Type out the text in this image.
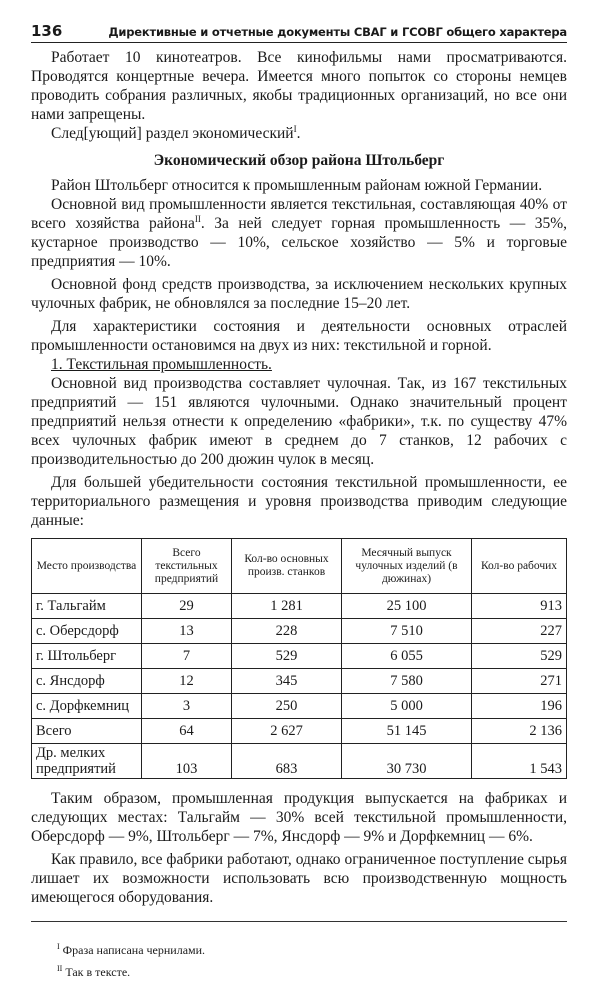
136	Директивные и отчетные документы СВАГ и ГСОВГ общего характера

Работает 10 кинотеатров. Все кинофильмы нами просматриваются. Проводятся концертные вечера. Имеется много попыток со стороны немцев проводить собрания различных, якобы традиционных организаций, но все они нами запрещены.

След[ующий] раздел экономический$^I$.

Экономический обзор района Штольберг

Район Штольберг относится к промышленным районам южной Германии.

Основной вид промышленности является текстильная, составляющая 40% от всего хозяйства района$^{II}$. За ней следует горная промышленность — 35%, кустарное производство — 10%, сельское хозяйство — 5% и торговые предприятия — 10%.

Основной фонд средств производства, за исключением нескольких крупных чулочных фабрик, не обновлялся за последние 15–20 лет.

Для характеристики состояния и деятельности основных отраслей промышленности остановимся на двух из них: текстильной и горной.

1. Текстильная промышленность.

Основной вид производства составляет чулочная. Так, из 167 текстильных предприятий — 151 являются чулочными. Однако значительный процент предприятий нельзя отнести к определению «фабрики», т.к. по существу 47% всех чулочных фабрик имеют в среднем до 7 станков, 12 рабочих с производительностью до 200 дюжин чулок в месяц.

Для большей убедительности состояния текстильной промышленности, ее территориального размещения и уровня производства приводим следующие данные:

Место производства	Всего текстильных предприятий	Кол-во основных произв. станков	Месячный выпуск чулочных изделий (в дюжинах)	Кол-во рабочих
г. Тальгайм	29	1 281	25 100	913
с. Оберсдорф	13	228	7 510	227
г. Штольберг	7	529	6 055	529
с. Янсдорф	12	345	7 580	271
с. Дорфкемниц	3	250	5 000	196
Всего	64	2 627	51 145	2 136
Др. мелких предприятий	103	683	30 730	1 543

Таким образом, промышленная продукция выпускается на фабриках и следующих местах: Тальгайм — 30% всей текстильной промышленности, Оберсдорф — 9%, Штольберг — 7%, Янсдорф — 9% и Дорфкемниц — 6%.

Как правило, все фабрики работают, однако ограниченное поступление сырья лишает их возможности использовать всю производственную мощность имеющегося оборудования.

$^I$ Фраза написана чернилами.
$^{II}$ Так в тексте.
